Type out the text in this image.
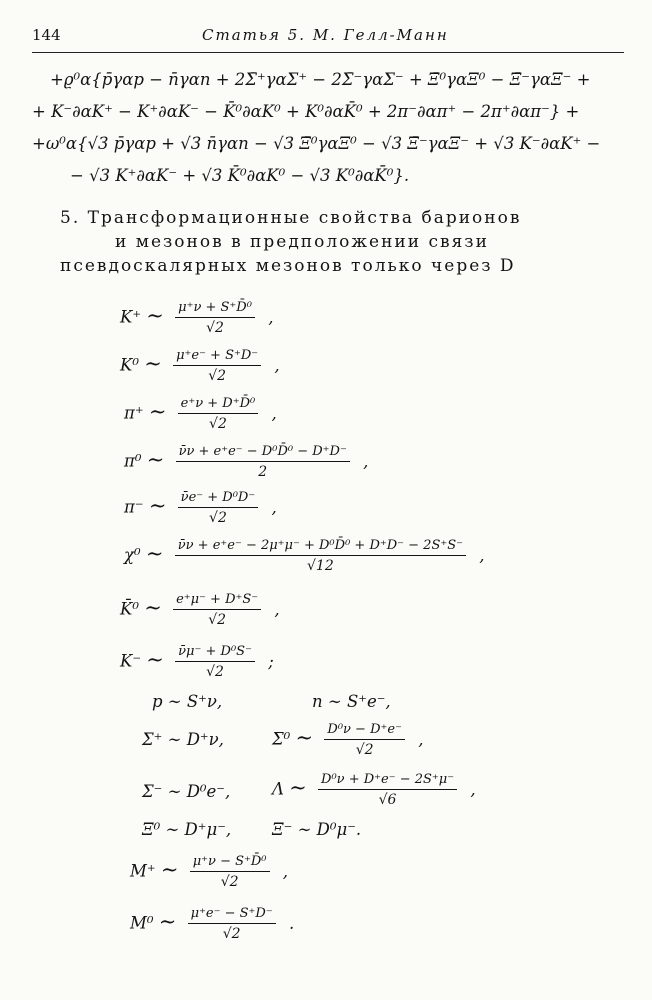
144	Статья 5. М. Гелл-Манн
+ϱ⁰α{p̄γαp − n̄γαn + 2Σ̄⁺γαΣ⁺ − 2Σ̄⁻γαΣ⁻ + Ξ̄⁰γαΞ⁰ − Ξ̄⁻γαΞ⁻ +
+ K⁻∂αK⁺ − K⁺∂αK⁻ − K̄⁰∂αK⁰ + K⁰∂αK̄⁰ + 2π⁻∂απ⁺ − 2π⁺∂απ⁻} +
+ω⁰α{√3 p̄γαp + √3 n̄γαn − √3 Ξ̄⁰γαΞ⁰ − √3 Ξ̄⁻γαΞ⁻ + √3 K⁻∂αK⁺ −
− √3 K⁺∂αK⁻ + √3 K̄⁰∂αK⁰ − √3 K⁰∂αK̄⁰}.
5. Трансформационные свойства барионов
и мезонов в предположении связи
псевдоскалярных мезонов только через D
K⁺ ∼ $\frac{\text{μ⁺ν + S⁺D̄⁰}}{√2}$ ,
K⁰ ∼ $\frac{\mu^+e^- + S^+D^-}{√2}$ ,
π⁺ ∼ $\frac{\text{e⁺ν + D⁺D̄⁰}}{√2}$ ,
π⁰ ∼ $\frac{\text{ν̄ν + e⁺e⁻ − D⁰D̄⁰ − D⁺D⁻}}{2}$ ,
π⁻ ∼ $\frac{\text{ν̄e⁻ + D⁰D⁻}}{√2}$ ,
χ⁰ ∼ $\frac{\text{ν̄ν + e⁺e⁻ − 2μ⁺μ⁻ + D⁰D̄⁰ + D⁺D⁻ − 2S⁺S⁻}}{√12}$ ,
K̄⁰ ∼ $\frac{e^+\mu^- + D^+S^-}{√2}$ ,
K⁻ ∼ $\frac{\text{ν̄μ⁻ + D⁰S⁻}}{√2}$ ;
p ∼ S⁺ν,	n ∼ S⁺e⁻,
Σ⁺ ∼ D⁺ν,	Σ⁰ ∼ $\frac{\text{D⁰ν − D⁺e⁻}}{√2}$ ,
Σ⁻ ∼ D⁰e⁻,	Λ ∼ $\frac{\text{D⁰ν + D⁺e⁻ − 2S⁺μ⁻}}{√6}$ ,
Ξ⁰ ∼ D⁺μ⁻, Ξ⁻ ∼ D⁰μ⁻.
M⁺ ∼ $\frac{\text{μ⁺ν − S⁺D̄⁰}}{√2}$ ,
M⁰ ∼ $\frac{\mu^+e^- - S^+D^-}{√2}$ .
